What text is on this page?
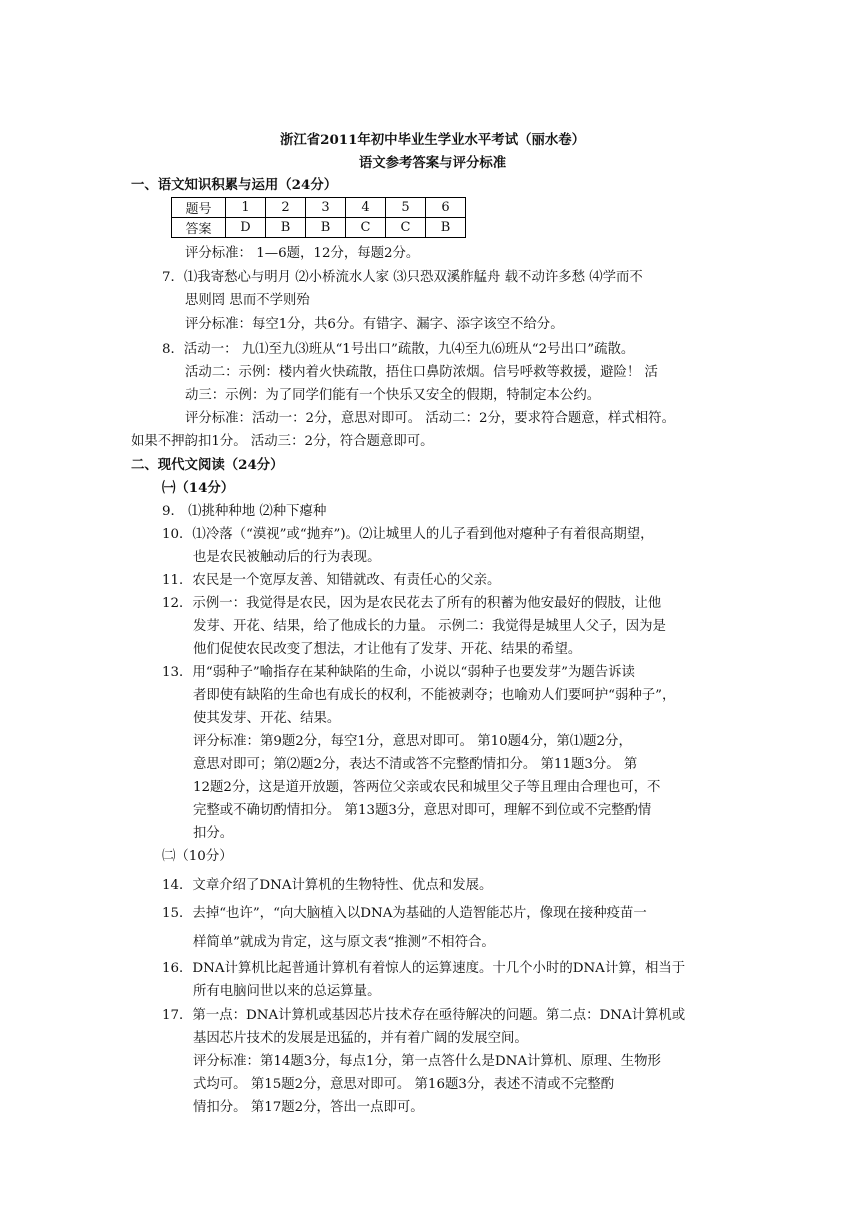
浙江省2011年初中毕业生学业水平考试（丽水卷）
语文参考答案与评分标准
一、语文知识积累与运用（24分）
题号	1	2	3	4	5	6
答案	D	B	B	C	C	B
评分标准： 1—6题，12分，每题2分。
7．⑴我寄愁心与明月 ⑵小桥流水人家 ⑶只恐双溪舴艋舟 载不动许多愁 ⑷学而不
思则罔 思而不学则殆
评分标准：每空1分，共6分。有错字、漏字、添字该空不给分。
8．活动一： 九⑴至九⑶班从“1号出口”疏散，九⑷至九⑹班从“2号出口”疏散。
活动二：示例：楼内着火快疏散，捂住口鼻防浓烟。信号呼救等救援，避险！ 活
动三：示例：为了同学们能有一个快乐又安全的假期，特制定本公约。
评分标准：活动一：2分，意思对即可。 活动二：2分，要求符合题意，样式相符。
如果不押韵扣1分。 活动三：2分，符合题意即可。
二、现代文阅读（24分）
㈠（14分）
9． ⑴挑种种地 ⑵种下瘪种
10．⑴冷落（“漠视”或“抛弃”)。⑵让城里人的儿子看到他对瘪种子有着很高期望，
也是农民被触动后的行为表现。
11．农民是一个宽厚友善、知错就改、有责任心的父亲。
12．示例一：我觉得是农民，因为是农民花去了所有的积蓄为他安最好的假肢，让他
发芽、开花、结果，给了他成长的力量。 示例二：我觉得是城里人父子，因为是
他们促使农民改变了想法，才让他有了发芽、开花、结果的希望。
13．用“弱种子”喻指存在某种缺陷的生命，小说以“弱种子也要发芽”为题告诉读
者即使有缺陷的生命也有成长的权利，不能被剥夺；也喻劝人们要呵护“弱种子”，
使其发芽、开花、结果。
评分标准：第9题2分，每空1分，意思对即可。 第10题4分，第⑴题2分，
意思对即可；第⑵题2分，表达不清或答不完整酌情扣分。 第11题3分。 第
12题2分，这是道开放题，答两位父亲或农民和城里父子等且理由合理也可，不
完整或不确切酌情扣分。 第13题3分，意思对即可，理解不到位或不完整酌情
扣分。
㈡（10分）
14．文章介绍了DNA计算机的生物特性、优点和发展。
15．去掉“也许”，“向大脑植入以DNA为基础的人造智能芯片，像现在接种疫苗一
样简单”就成为肯定，这与原文表“推测”不相符合。
16．DNA计算机比起普通计算机有着惊人的运算速度。十几个小时的DNA计算，相当于
所有电脑问世以来的总运算量。
17．第一点：DNA计算机或基因芯片技术存在亟待解决的问题。第二点：DNA计算机或
基因芯片技术的发展是迅猛的，并有着广阔的发展空间。
评分标准：第14题3分，每点1分，第一点答什么是DNA计算机、原理、生物形
式均可。 第15题2分，意思对即可。 第16题3分，表述不清或不完整酌
情扣分。 第17题2分，答出一点即可。
